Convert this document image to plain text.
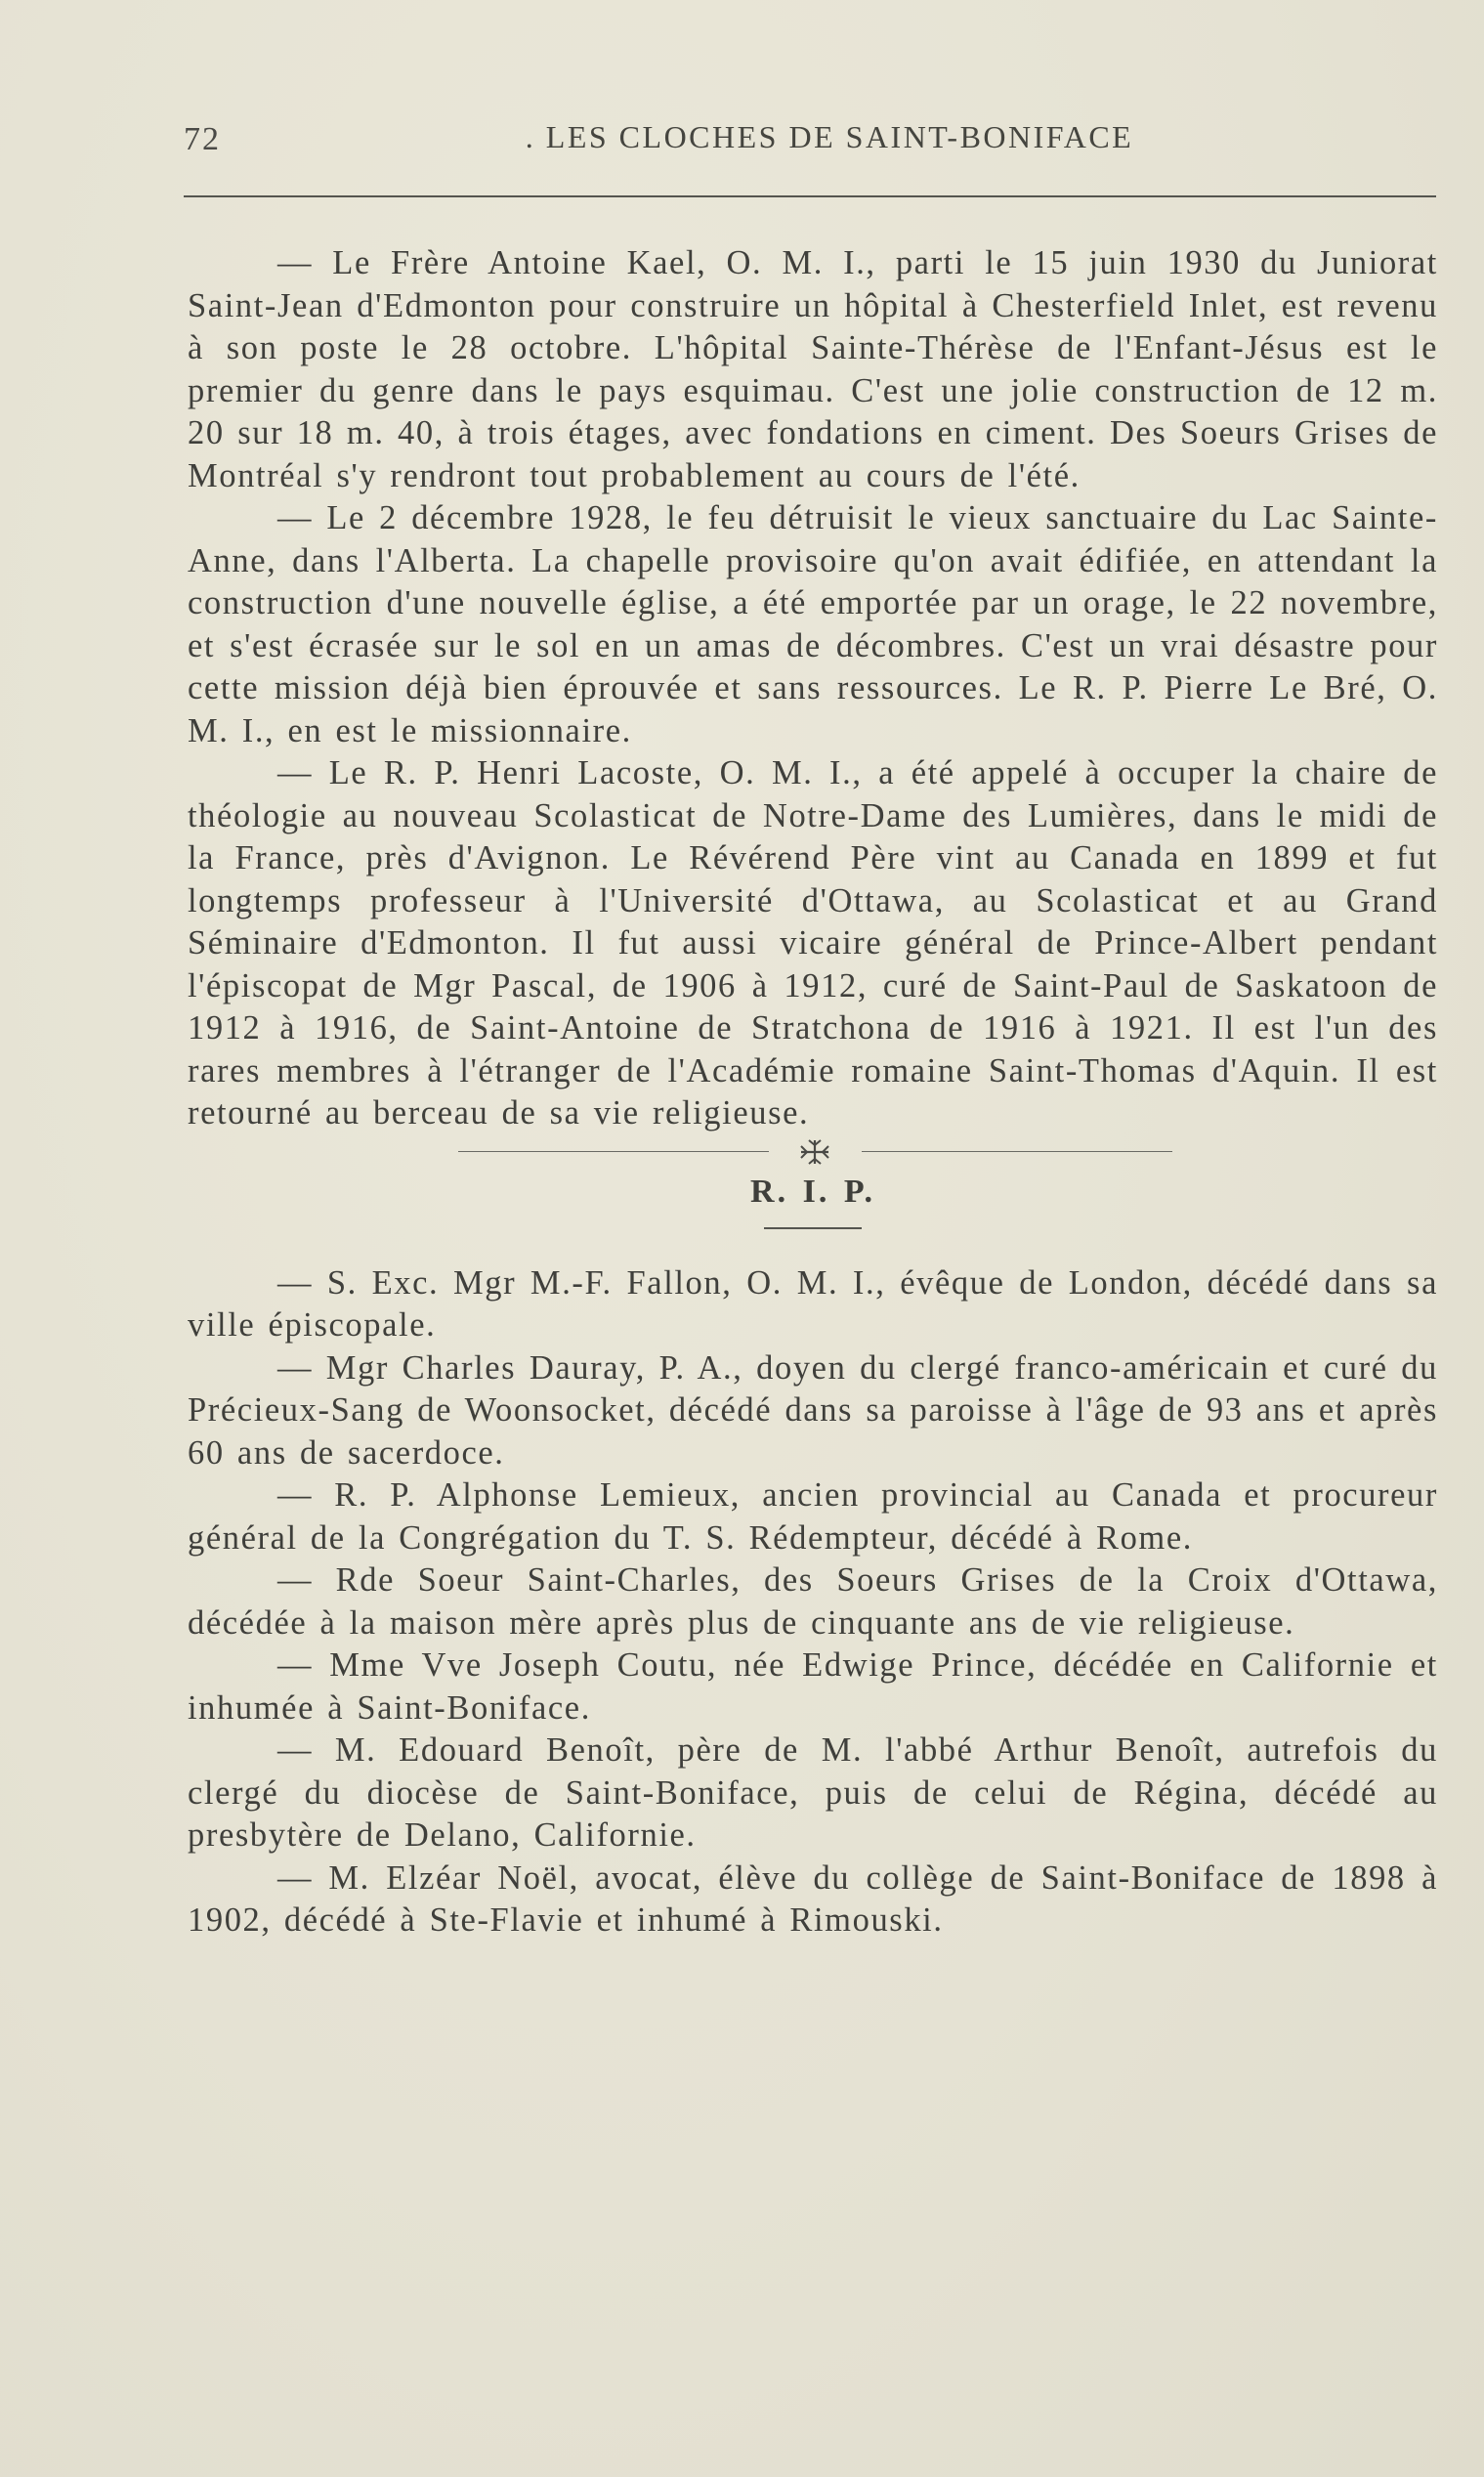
72	. LES CLOCHES DE SAINT-BONIFACE

— Le Frère Antoine Kael, O. M. I., parti le 15 juin 1930 du Juniorat Saint-Jean d'Edmonton pour construire un hôpital à Chesterfield Inlet, est revenu à son poste le 28 octobre. L'hôpital Sainte-Thérèse de l'Enfant-Jésus est le premier du genre dans le pays esquimau. C'est une jolie construction de 12 m. 20 sur 18 m. 40, à trois étages, avec fondations en ciment. Des Soeurs Grises de Montréal s'y rendront tout probablement au cours de l'été.

— Le 2 décembre 1928, le feu détruisit le vieux sanctuaire du Lac Sainte-Anne, dans l'Alberta. La chapelle provisoire qu'on avait édifiée, en attendant la construction d'une nouvelle église, a été emportée par un orage, le 22 novembre, et s'est écrasée sur le sol en un amas de décombres. C'est un vrai désastre pour cette mission déjà bien éprouvée et sans ressources. Le R. P. Pierre Le Bré, O. M. I., en est le missionnaire.

— Le R. P. Henri Lacoste, O. M. I., a été appelé à occuper la chaire de théologie au nouveau Scolasticat de Notre-Dame des Lumières, dans le midi de la France, près d'Avignon. Le Révérend Père vint au Canada en 1899 et fut longtemps professeur à l'Université d'Ottawa, au Scolasticat et au Grand Séminaire d'Edmonton. Il fut aussi vicaire général de Prince-Albert pendant l'épiscopat de Mgr Pascal, de 1906 à 1912, curé de Saint-Paul de Saskatoon de 1912 à 1916, de Saint-Antoine de Stratchona de 1916 à 1921. Il est l'un des rares membres à l'étranger de l'Académie romaine Saint-Thomas d'Aquin. Il est retourné au berceau de sa vie religieuse.

R. I. P.

— S. Exc. Mgr M.-F. Fallon, O. M. I., évêque de London, décédé dans sa ville épiscopale.

— Mgr Charles Dauray, P. A., doyen du clergé franco-américain et curé du Précieux-Sang de Woonsocket, décédé dans sa paroisse à l'âge de 93 ans et après 60 ans de sacerdoce.

— R. P. Alphonse Lemieux, ancien provincial au Canada et procureur général de la Congrégation du T. S. Rédempteur, décédé à Rome.

— Rde Soeur Saint-Charles, des Soeurs Grises de la Croix d'Ottawa, décédée à la maison mère après plus de cinquante ans de vie religieuse.

— Mme Vve Joseph Coutu, née Edwige Prince, décédée en Californie et inhumée à Saint-Boniface.

— M. Edouard Benoît, père de M. l'abbé Arthur Benoît, autrefois du clergé du diocèse de Saint-Boniface, puis de celui de Régina, décédé au presbytère de Delano, Californie.

— M. Elzéar Noël, avocat, élève du collège de Saint-Boniface de 1898 à 1902, décédé à Ste-Flavie et inhumé à Rimouski.
